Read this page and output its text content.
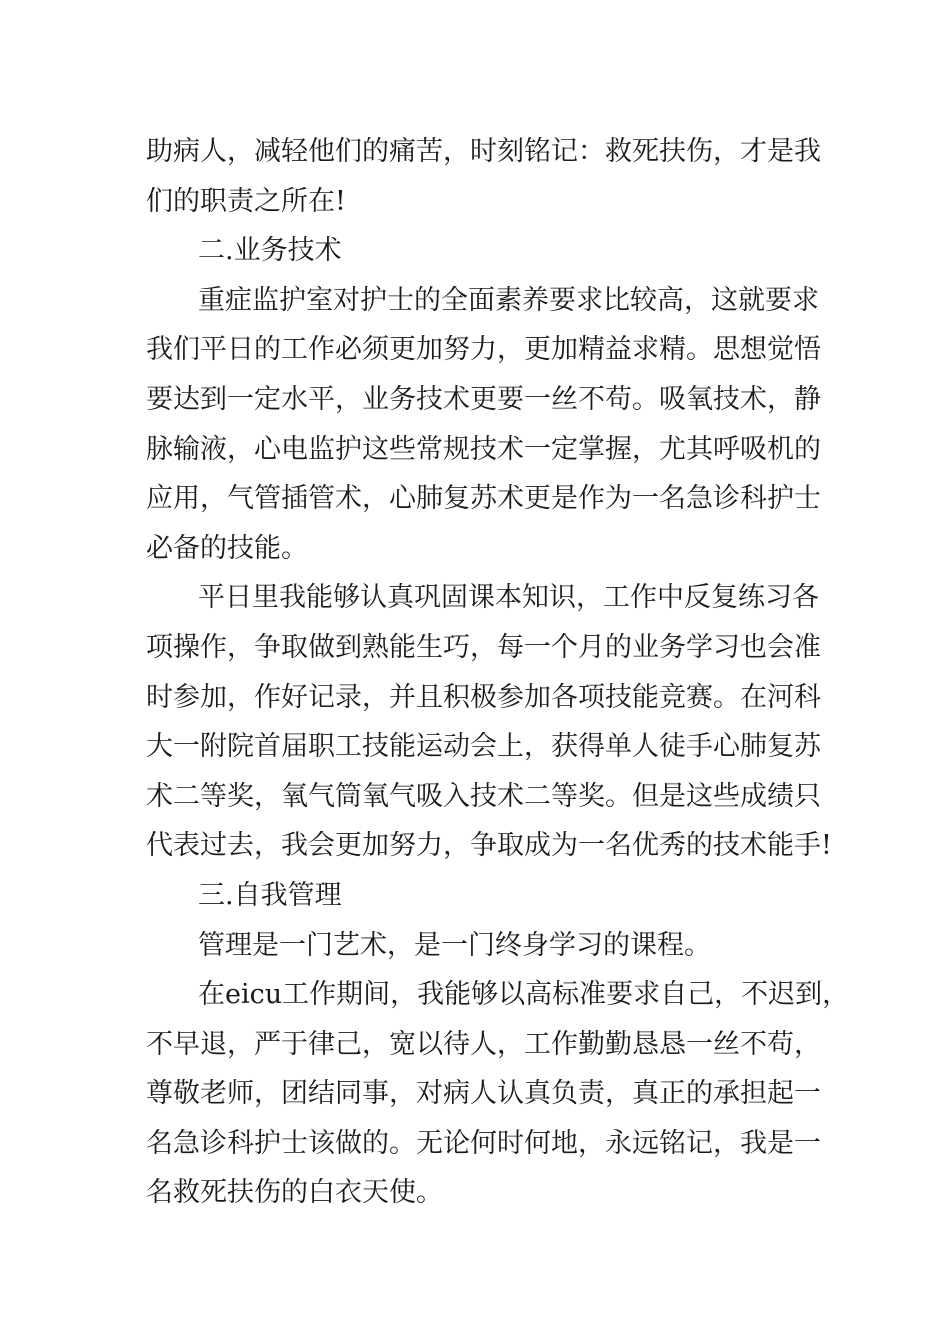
助病人，减轻他们的痛苦，时刻铭记：救死扶伤，才是我
们的职责之所在!
二.业务技术
重症监护室对护士的全面素养要求比较高，这就要求
我们平日的工作必须更加努力，更加精益求精。思想觉悟
要达到一定水平，业务技术更要一丝不苟。吸氧技术，静
脉输液，心电监护这些常规技术一定掌握，尤其呼吸机的
应用，气管插管术，心肺复苏术更是作为一名急诊科护士
必备的技能。
平日里我能够认真巩固课本知识，工作中反复练习各
项操作，争取做到熟能生巧，每一个月的业务学习也会准
时参加，作好记录，并且积极参加各项技能竞赛。在河科
大一附院首届职工技能运动会上，获得单人徒手心肺复苏
术二等奖，氧气筒氧气吸入技术二等奖。但是这些成绩只
代表过去，我会更加努力，争取成为一名优秀的技术能手!
三.自我管理
管理是一门艺术，是一门终身学习的课程。
在eicu工作期间，我能够以高标准要求自己，不迟到，
不早退，严于律己，宽以待人，工作勤勤恳恳一丝不苟，
尊敬老师，团结同事，对病人认真负责，真正的承担起一
名急诊科护士该做的。无论何时何地，永远铭记，我是一
名救死扶伤的白衣天使。
